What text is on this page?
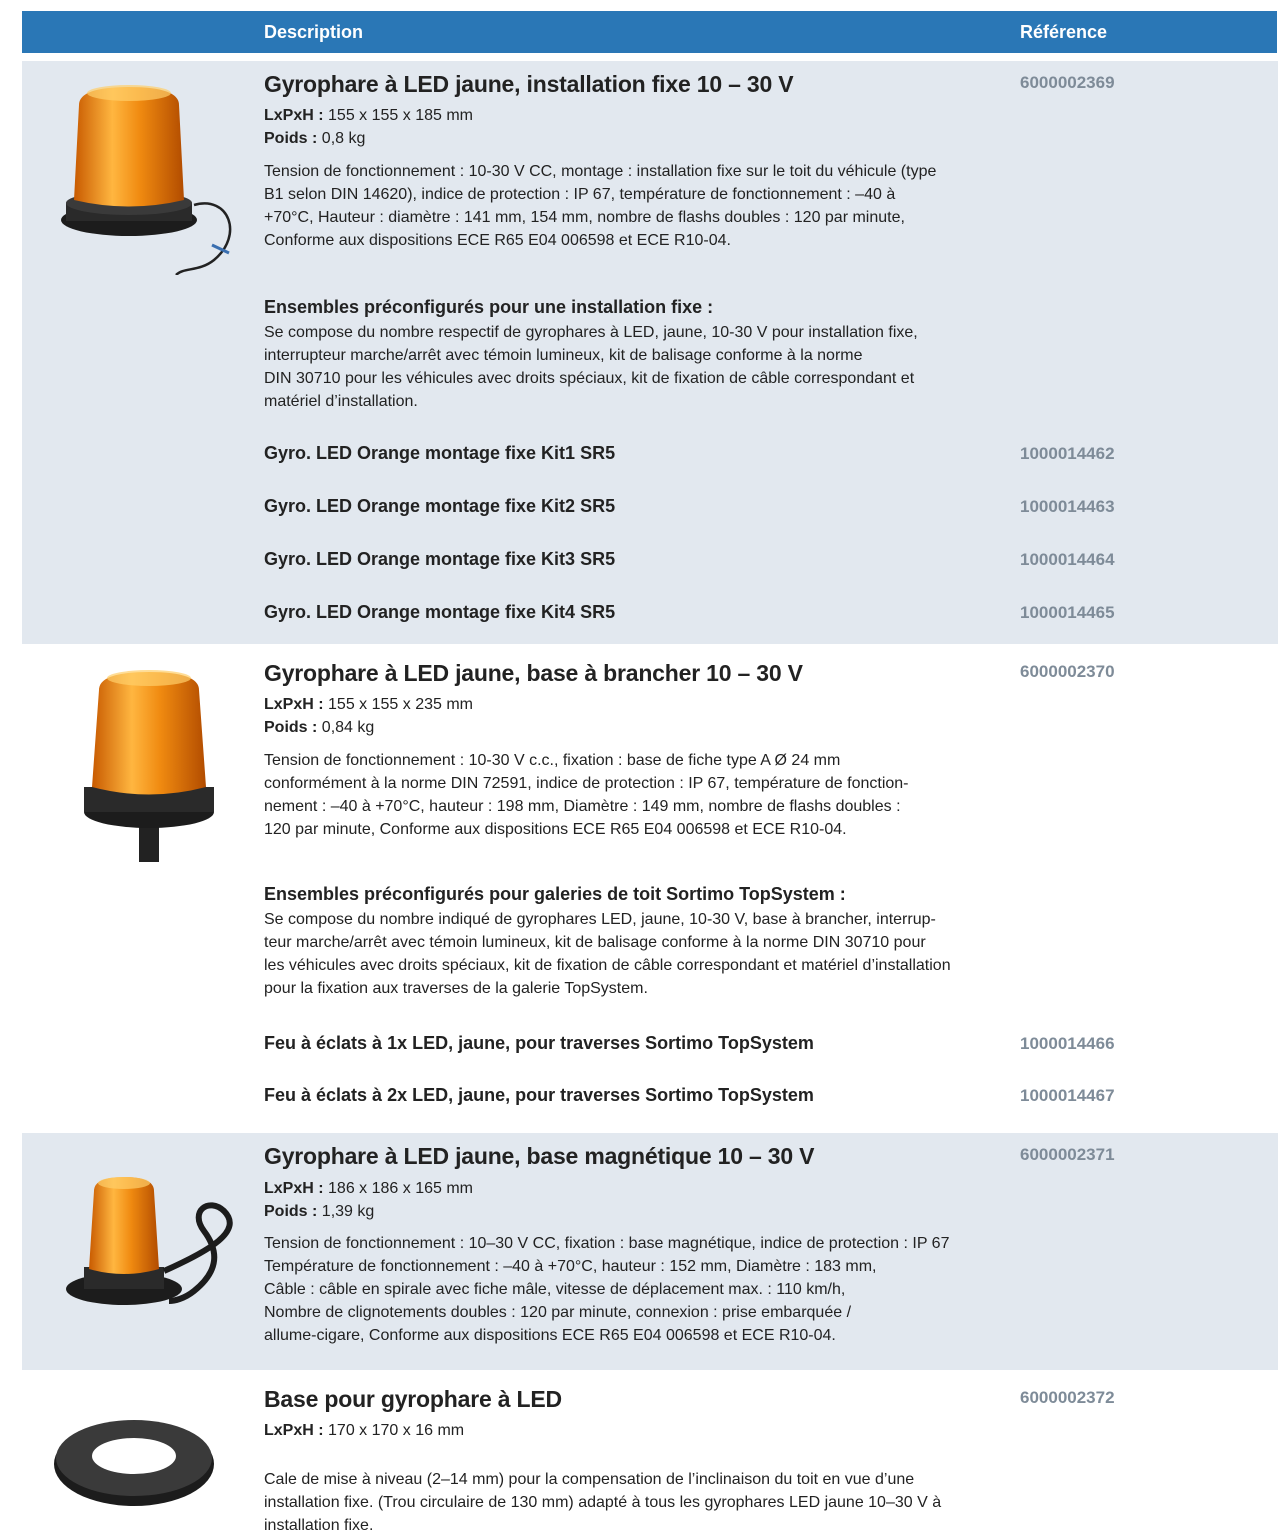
Description	Référence
Gyrophare à LED jaune, installation fixe 10 – 30 V	6000002369
LxPxH : 155 x 155 x 185 mm
Poids : 0,8 kg
Tension de fonctionnement : 10-30 V CC, montage : installation fixe sur le toit du véhicule (type
B1 selon DIN 14620), indice de protection : IP 67, température de fonctionnement : –40 à
+70°C, Hauteur : diamètre : 141 mm, 154 mm, nombre de flashs doubles : 120 par minute,
Conforme aux dispositions ECE R65 E04 006598 et ECE R10-04.
Ensembles préconfigurés pour une installation fixe :
Se compose du nombre respectif de gyrophares à LED, jaune, 10-30 V pour installation fixe,
interrupteur marche/arrêt avec témoin lumineux, kit de balisage conforme à la norme
DIN 30710 pour les véhicules avec droits spéciaux, kit de fixation de câble correspondant et
matériel d’installation.
Gyro. LED Orange montage fixe Kit1 SR5	1000014462
Gyro. LED Orange montage fixe Kit2 SR5	1000014463
Gyro. LED Orange montage fixe Kit3 SR5	1000014464
Gyro. LED Orange montage fixe Kit4 SR5	1000014465
Gyrophare à LED jaune, base à brancher 10 – 30 V	6000002370
LxPxH : 155 x 155 x 235 mm
Poids : 0,84 kg
Tension de fonctionnement : 10-30 V c.c., fixation : base de fiche type A Ø 24 mm
conformément à la norme DIN 72591, indice de protection : IP 67, température de fonction-
nement : –40 à +70°C, hauteur : 198 mm, Diamètre : 149 mm, nombre de flashs doubles :
120 par minute, Conforme aux dispositions ECE R65 E04 006598 et ECE R10-04.
Ensembles préconfigurés pour galeries de toit Sortimo TopSystem :
Se compose du nombre indiqué de gyrophares LED, jaune, 10-30 V, base à brancher, interrup-
teur marche/arrêt avec témoin lumineux, kit de balisage conforme à la norme DIN 30710 pour
les véhicules avec droits spéciaux, kit de fixation de câble correspondant et matériel d’installation
pour la fixation aux traverses de la galerie TopSystem.
Feu à éclats à 1x LED, jaune, pour traverses Sortimo TopSystem	1000014466
Feu à éclats à 2x LED, jaune, pour traverses Sortimo TopSystem	1000014467
Gyrophare à LED jaune, base magnétique 10 – 30 V	6000002371
LxPxH : 186 x 186 x 165 mm
Poids : 1,39 kg
Tension de fonctionnement : 10–30 V CC, fixation : base magnétique, indice de protection : IP 67
Température de fonctionnement : –40 à +70°C, hauteur : 152 mm, Diamètre : 183 mm,
Câble : câble en spirale avec fiche mâle, vitesse de déplacement max. : 110 km/h,
Nombre de clignotements doubles : 120 par minute, connexion : prise embarquée /
allume-cigare, Conforme aux dispositions ECE R65 E04 006598 et ECE R10-04.
Base pour gyrophare à LED	6000002372
LxPxH : 170 x 170 x 16 mm
Cale de mise à niveau (2–14 mm) pour la compensation de l’inclinaison du toit en vue d’une
installation fixe. (Trou circulaire de 130 mm) adapté à tous les gyrophares LED jaune 10–30 V à
installation fixe.
